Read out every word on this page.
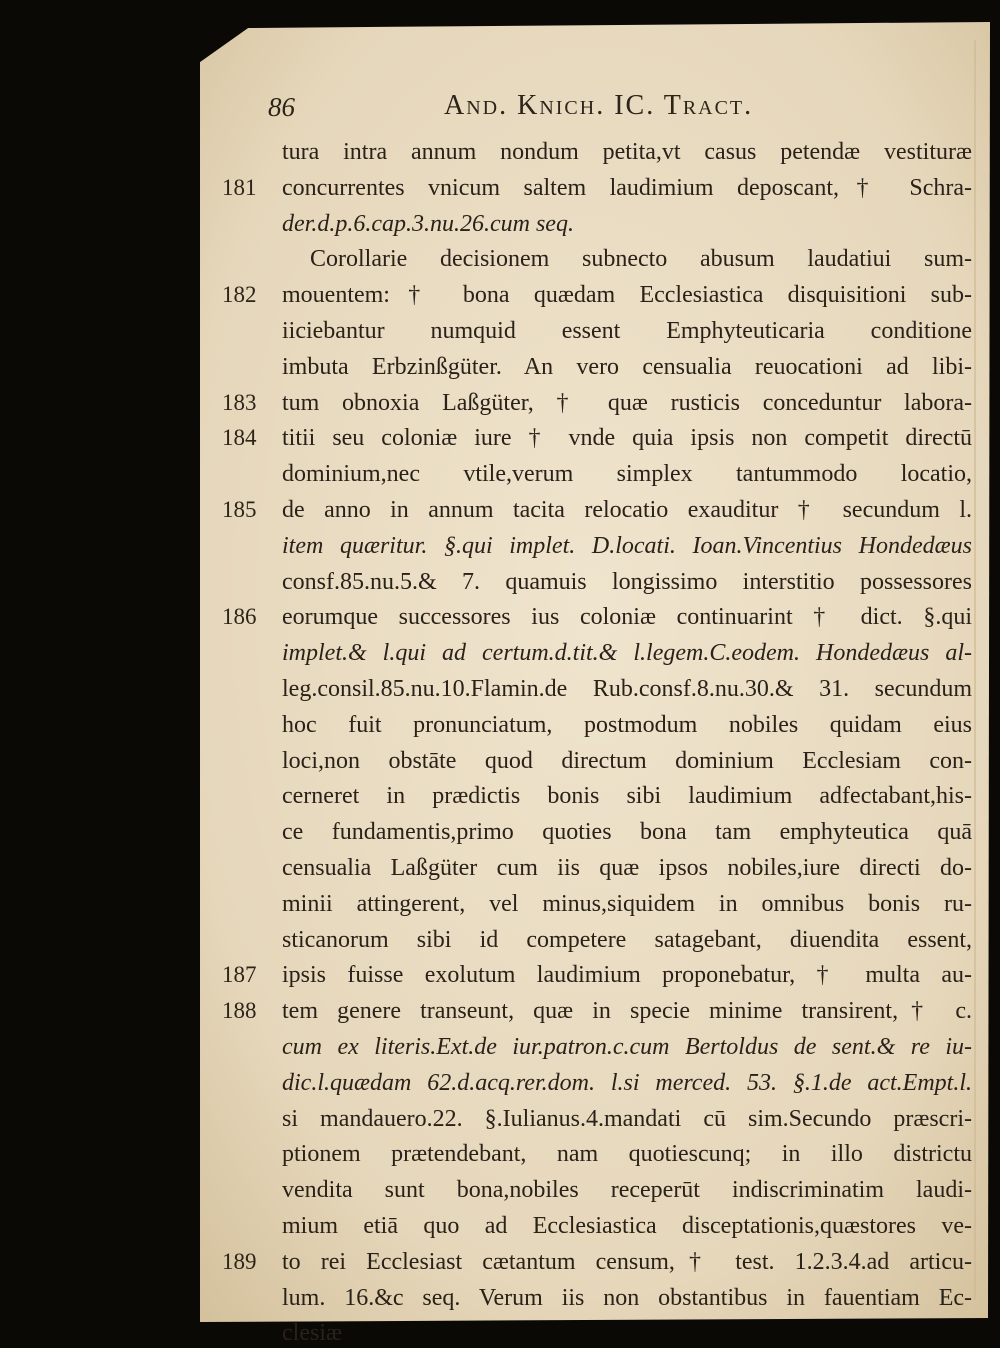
86	And. Knich. IC. Tract.
tura intra annum nondum petita,vt casus petendæ vestituræ
concurrentes vnicum saltem laudimium deposcant,† Schra-
der.d.p.6.cap.3.nu.26.cum seq.
Corollarie decisionem subnecto abusum laudatiui sum-
mouentem:† bona quædam Ecclesiastica disquisitioni sub-
iiciebantur numquid essent Emphyteuticaria conditione
imbuta Erbzinßgüter. An vero censualia reuocationi ad libi-
tum obnoxia Laßgüter, † quæ rusticis conceduntur labora-
titii seu coloniæ iure † vnde quia ipsis non competit directū
dominium,nec vtile,verum simplex tantummodo locatio,
de anno in annum tacita relocatio exauditur † secundum l.
item quæritur. §.qui implet. D.locati. Ioan.Vincentius Hondedæus
consf.85.nu.5.& 7. quamuis longissimo interstitio possessores
eorumque successores ius coloniæ continuarint † dict. §.qui
implet.& l.qui ad certum.d.tit.& l.legem.C.eodem. Hondedæus al-
leg.consil.85.nu.10.Flamin.de Rub.consf.8.nu.30.& 31. secundum
hoc fuit pronunciatum, postmodum nobiles quidam eius
loci,non obstāte quod directum dominium Ecclesiam con-
cerneret in prædictis bonis sibi laudimium adfectabant,his-
ce fundamentis,primo quoties bona tam emphyteutica quā
censualia Laßgüter cum iis quæ ipsos nobiles,iure directi do-
minii attingerent, vel minus,siquidem in omnibus bonis ru-
sticanorum sibi id competere satagebant, diuendita essent,
ipsis fuisse exolutum laudimium proponebatur, † multa au-
tem genere transeunt, quæ in specie minime transirent,† c.
cum ex literis.Ext.de iur.patron.c.cum Bertoldus de sent.& re iu-
dic.l.quædam 62.d.acq.rer.dom. l.si merced. 53. §.1.de act.Empt.l.
si mandauero.22. §.Iulianus.4.mandati cū sim.Secundo præscri-
ptionem prætendebant, nam quotiescunq; in illo districtu
vendita sunt bona,nobiles receperūt indiscriminatim laudi-
mium etiā quo ad Ecclesiastica disceptationis,quæstores ve-
to rei Ecclesiast cætantum censum,† test. 1.2.3.4.ad articu-
lum. 16.&c seq. Verum iis non obstantibus in fauentiam Ec-
clesiæ
181
182
183
184
185
186
187
188
189
